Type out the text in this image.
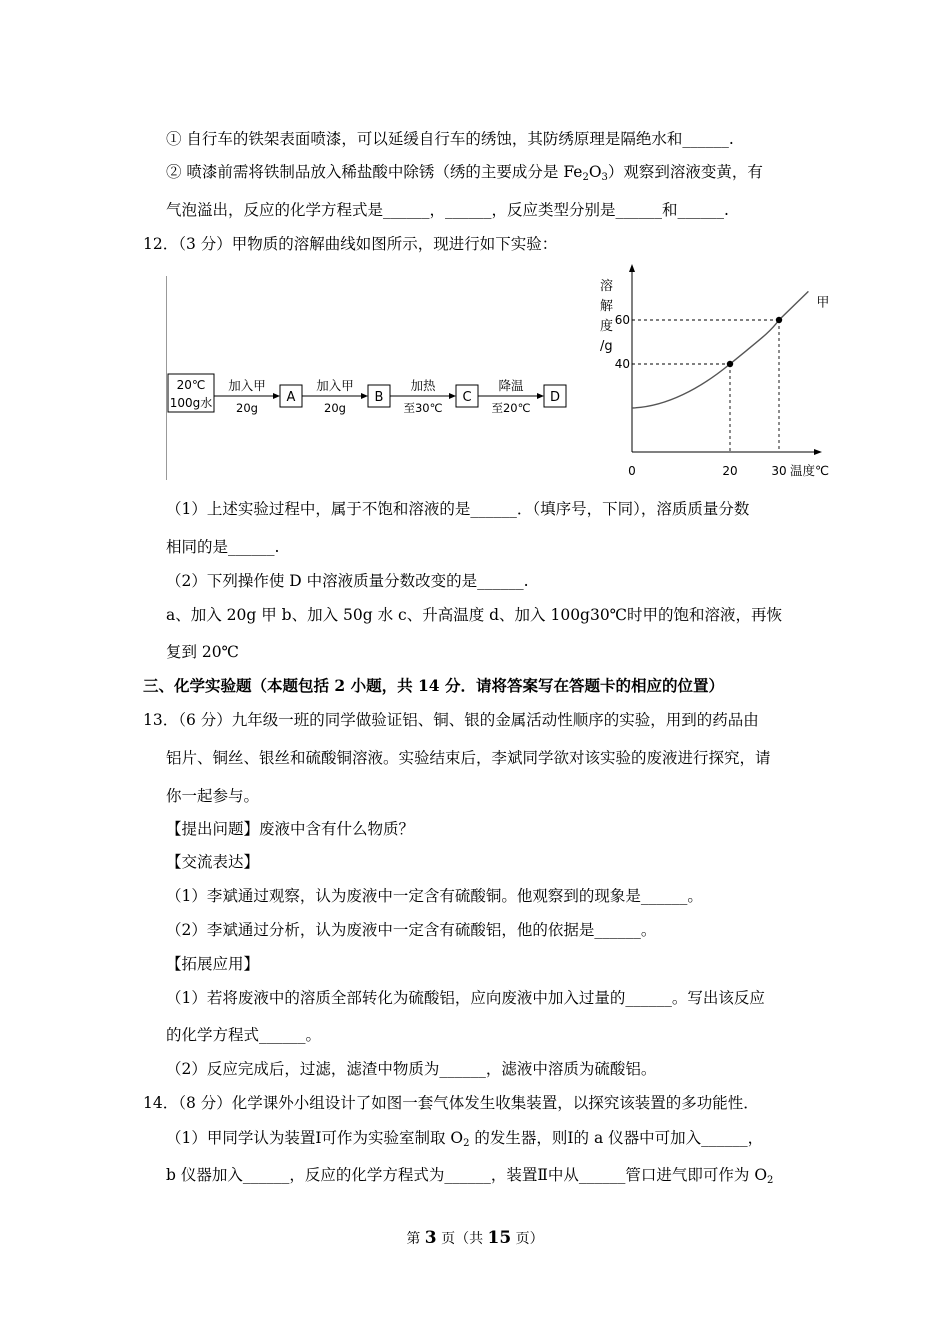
① 自行车的铁架表面喷漆，可以延缓自行车的绣蚀，其防绣原理是隔绝水和______.
② 喷漆前需将铁制品放入稀盐酸中除锈（绣的主要成分是 $Fe_2O_3$）观察到溶液变黄，有
气泡溢出，反应的化学方程式是______，______，反应类型分别是______和______.
12．（3 分）甲物质的溶解曲线如图所示，现进行如下实验：
20℃
100g水
加入甲
20g
A
加入甲
20g
B
加热
至30℃
C
降温
至20℃
D
溶
解
度
/g
甲
40
60
0	20	30 温度℃
（1）上述实验过程中，属于不饱和溶液的是______．（填序号，下同），溶质质量分数
相同的是______.
（2）下列操作使 D 中溶液质量分数改变的是______.
a、加入 20g 甲 b、加入 50g 水 c、升高温度 d、加入 100g30℃时甲的饱和溶液，再恢
复到 20℃
三、化学实验题（本题包括 2 小题，共 14 分．请将答案写在答题卡的相应的位置）
13．（6 分）九年级一班的同学做验证铝、铜、银的金属活动性顺序的实验，用到的药品由
铝片、铜丝、银丝和硫酸铜溶液。实验结束后，李斌同学欲对该实验的废液进行探究，请
你一起参与。
【提出问题】废液中含有什么物质？
【交流表达】
（1）李斌通过观察，认为废液中一定含有硫酸铜。他观察到的现象是______。
（2）李斌通过分析，认为废液中一定含有硫酸铝，他的依据是______。
【拓展应用】
（1）若将废液中的溶质全部转化为硫酸铝，应向废液中加入过量的______。写出该反应
的化学方程式______。
（2）反应完成后，过滤，滤渣中物质为______，滤液中溶质为硫酸铝。
14．（8 分）化学课外小组设计了如图一套气体发生收集装置，以探究该装置的多功能性．
（1）甲同学认为装置Ⅰ可作为实验室制取 $O_2$ 的发生器，则Ⅰ的 a 仪器中可加入______，
b 仪器加入______，反应的化学方程式为______，装置Ⅱ中从______管口进气即可作为 $O_2$
第 3 页（共 15 页）
